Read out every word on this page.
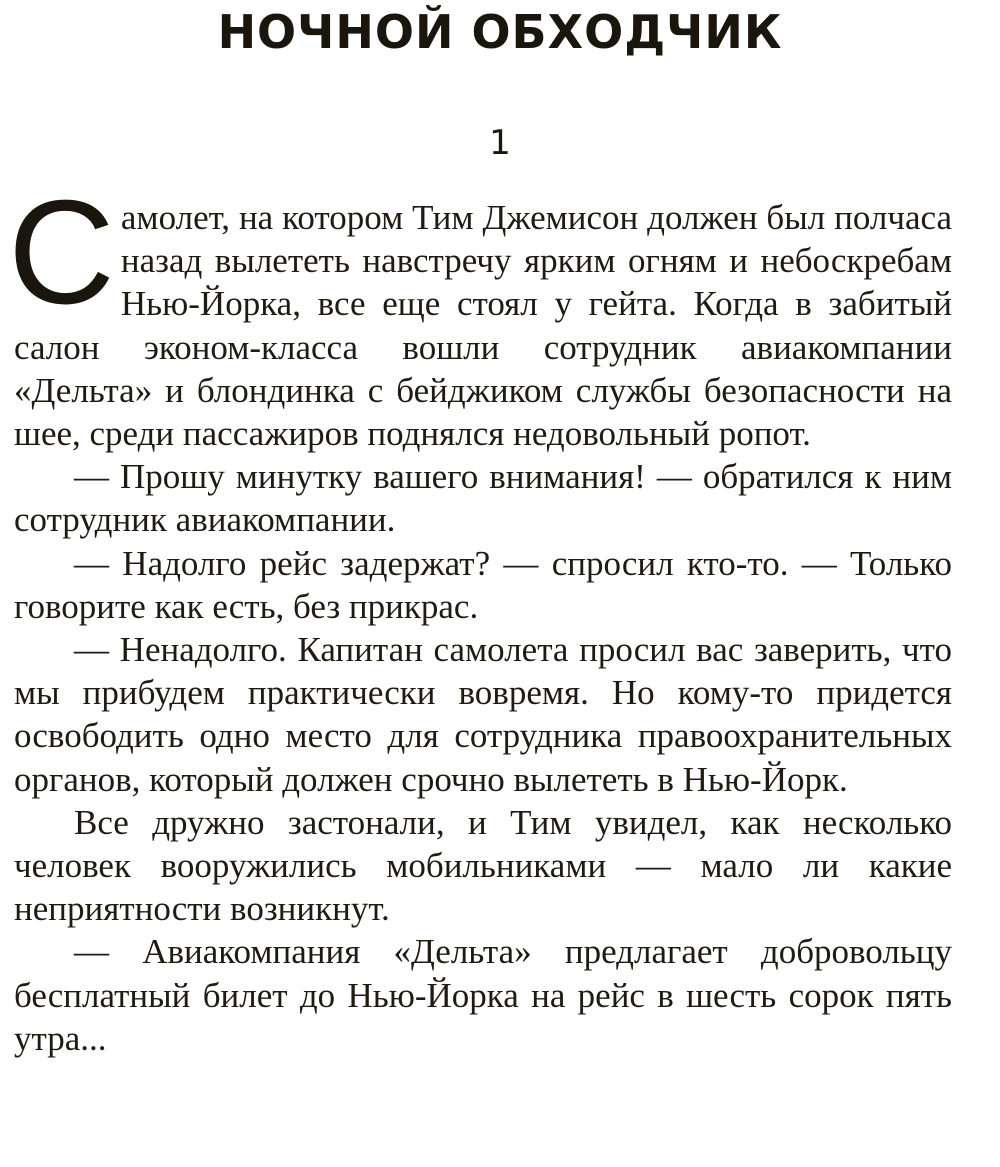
НОЧНОЙ ОБХОДЧИК
1

Самолет, на котором Тим Джемисон должен был полчаса назад вылететь навстречу ярким огням и небоскребам Нью-Йорка, все еще стоял у гейта. Когда в забитый салон эконом-класса вошли сотрудник авиакомпании «Дельта» и блондинка с бейджиком службы безопасности на шее, среди пассажиров поднялся недовольный ропот.

— Прошу минутку вашего внимания! — обратился к ним сотрудник авиакомпании.

— Надолго рейс задержат? — спросил кто-то. — Только говорите как есть, без прикрас.

— Ненадолго. Капитан самолета просил вас заверить, что мы прибудем практически вовремя. Но кому-то придется освободить одно место для сотрудника правоохранительных органов, который должен срочно вылететь в Нью-Йорк.

Все дружно застонали, и Тим увидел, как несколько человек вооружились мобильниками — мало ли какие неприятности возникнут.

— Авиакомпания «Дельта» предлагает добровольцу бесплатный билет до Нью-Йорка на рейс в шесть сорок пять утра...
